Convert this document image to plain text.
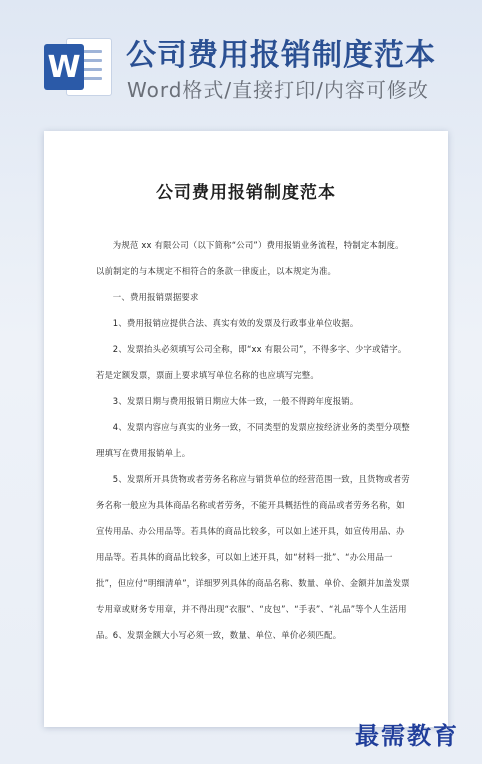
W 公司费用报销制度范本
Word格式/直接打印/内容可修改
公司费用报销制度范本

为规范 xx 有限公司（以下简称“公司”）费用报销业务流程，特制定本制度。以前制定的与本规定不相符合的条款一律废止，以本规定为准。

一、费用报销票据要求

1、费用报销应提供合法、真实有效的发票及行政事业单位收据。

2、发票抬头必须填写公司全称，即“xx 有限公司”，不得多字、少字或错字。若是定额发票，票面上要求填写单位名称的也应填写完整。

3、发票日期与费用报销日期应大体一致，一般不得跨年度报销。

4、发票内容应与真实的业务一致，不同类型的发票应按经济业务的类型分项整理填写在费用报销单上。

5、发票所开具货物或者劳务名称应与销货单位的经营范围一致，且货物或者劳务名称一般应为具体商品名称或者劳务，不能开具概括性的商品或者劳务名称，如宣传用品、办公用品等。若具体的商品比较多，可以如上述开具，如宣传用品、办用品等。若具体的商品比较多，可以如上述开具，如“材料一批”、“办公用品一批”，但应付“明细清单”，详细罗列具体的商品名称、数量、单价、金额并加盖发票专用章或财务专用章，并不得出现“衣服”、“皮包”、“手表”、“礼品”等个人生活用品。 6、发票金额大小写必须一致，数量、单位、单价必须匹配。

最需教育
